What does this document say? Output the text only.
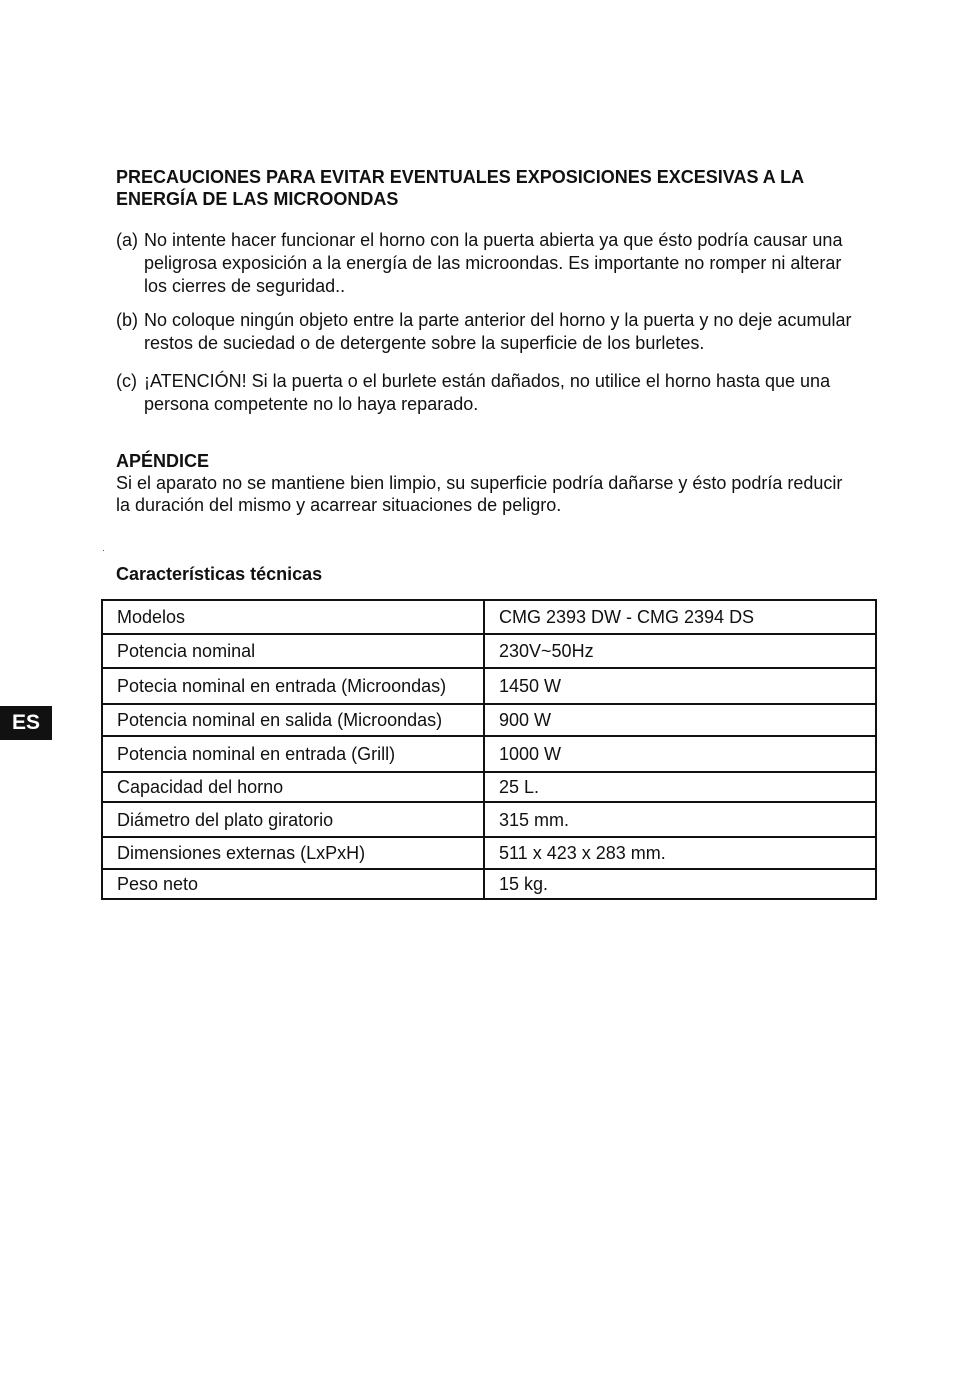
PRECAUCIONES PARA EVITAR EVENTUALES EXPOSICIONES EXCESIVAS A LA ENERGÍA DE LAS MICROONDAS
(a) No intente hacer funcionar el horno con la puerta abierta ya que ésto podría causar una peligrosa exposición a la energía de las microondas. Es importante no romper ni alterar los cierres de seguridad..
(b) No coloque ningún objeto entre la parte anterior del horno y la puerta y no deje acumular restos de suciedad o de detergente sobre la superficie de los burletes.
(c) ¡ATENCIÓN! Si la puerta o el burlete están dañados, no utilice el horno hasta que una persona competente no lo haya reparado.
APÉNDICE
Si el aparato no se mantiene bien limpio, su superficie podría dañarse y ésto podría reducir la duración del mismo y acarrear situaciones de peligro.
Características técnicas
Modelos	CMG 2393 DW - CMG 2394 DS
Potencia nominal	230V~50Hz
Potecia nominal en entrada (Microondas)	1450 W
Potencia nominal en salida (Microondas)	900 W
Potencia nominal en entrada (Grill)	1000 W
Capacidad del horno	25 L.
Diámetro del plato giratorio	315 mm.
Dimensiones externas (LxPxH)	511 x 423 x 283 mm.
Peso neto	15 kg.
ES
